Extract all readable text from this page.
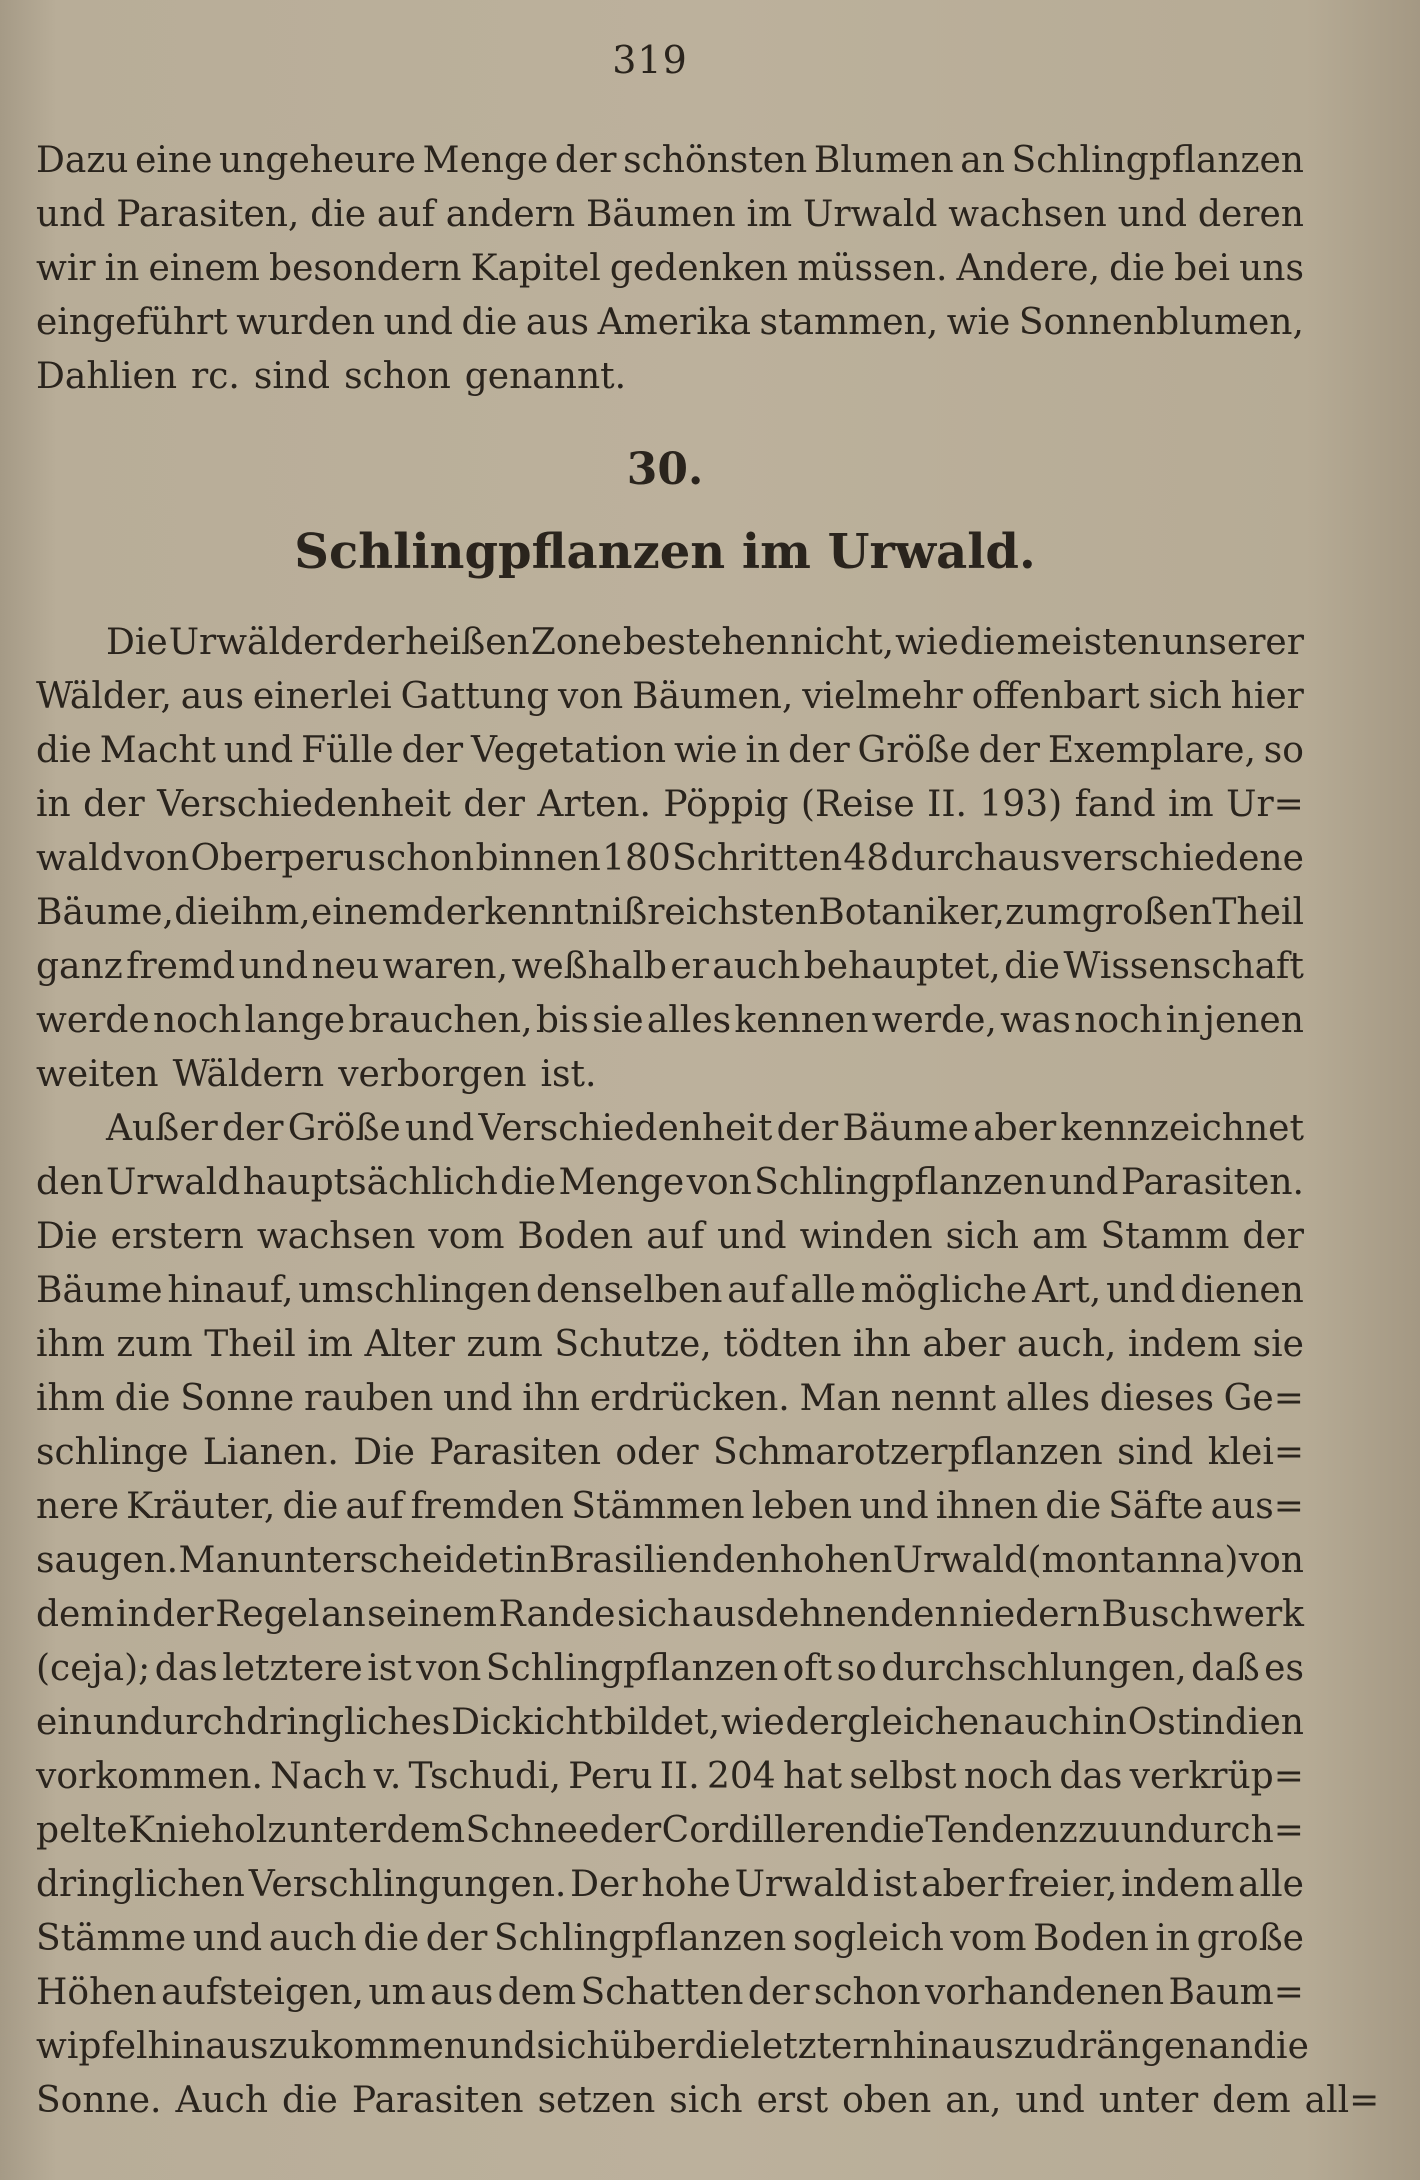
319
Dazu eine ungeheure Menge der schönsten Blumen an Schlingpflanzen
und Parasiten, die auf andern Bäumen im Urwald wachsen und deren
wir in einem besondern Kapitel gedenken müssen. Andere, die bei uns
eingeführt wurden und die aus Amerika stammen, wie Sonnenblumen,
Dahlien rc. sind schon genannt.
30.
Schlingpflanzen im Urwald.
Die Urwälder der heißen Zone bestehen nicht, wie die meisten unserer
Wälder, aus einerlei Gattung von Bäumen, vielmehr offenbart sich hier
die Macht und Fülle der Vegetation wie in der Größe der Exemplare, so
in der Verschiedenheit der Arten. Pöppig (Reise II. 193) fand im Ur=
wald von Oberperu schon binnen 180 Schritten 48 durchaus verschiedene
Bäume, die ihm, einem der kenntnißreichsten Botaniker, zum großen Theil
ganz fremd und neu waren, weßhalb er auch behauptet, die Wissenschaft
werde noch lange brauchen, bis sie alles kennen werde, was noch in jenen
weiten Wäldern verborgen ist.
Außer der Größe und Verschiedenheit der Bäume aber kennzeichnet
den Urwald hauptsächlich die Menge von Schlingpflanzen und Parasiten.
Die erstern wachsen vom Boden auf und winden sich am Stamm der
Bäume hinauf, umschlingen denselben auf alle mögliche Art, und dienen
ihm zum Theil im Alter zum Schutze, tödten ihn aber auch, indem sie
ihm die Sonne rauben und ihn erdrücken. Man nennt alles dieses Ge=
schlinge Lianen. Die Parasiten oder Schmarotzerpflanzen sind klei=
nere Kräuter, die auf fremden Stämmen leben und ihnen die Säfte aus=
saugen. Man unterscheidet in Brasilien den hohen Urwald (montanna) von
dem in der Regel an seinem Rande sich ausdehnenden niedern Buschwerk
(ceja); das letztere ist von Schlingpflanzen oft so durchschlungen, daß es
ein undurchdringliches Dickicht bildet, wie dergleichen auch in Ostindien
vorkommen. Nach v. Tschudi, Peru II. 204 hat selbst noch das verkrüp=
pelte Knieholz unter dem Schnee der Cordilleren die Tendenz zu undurch=
dringlichen Verschlingungen. Der hohe Urwald ist aber freier, indem alle
Stämme und auch die der Schlingpflanzen sogleich vom Boden in große
Höhen aufsteigen, um aus dem Schatten der schon vorhandenen Baum=
wipfel hinauszukommen und sich über die letztern hinauszudrängen an die
Sonne. Auch die Parasiten setzen sich erst oben an, und unter dem all=
